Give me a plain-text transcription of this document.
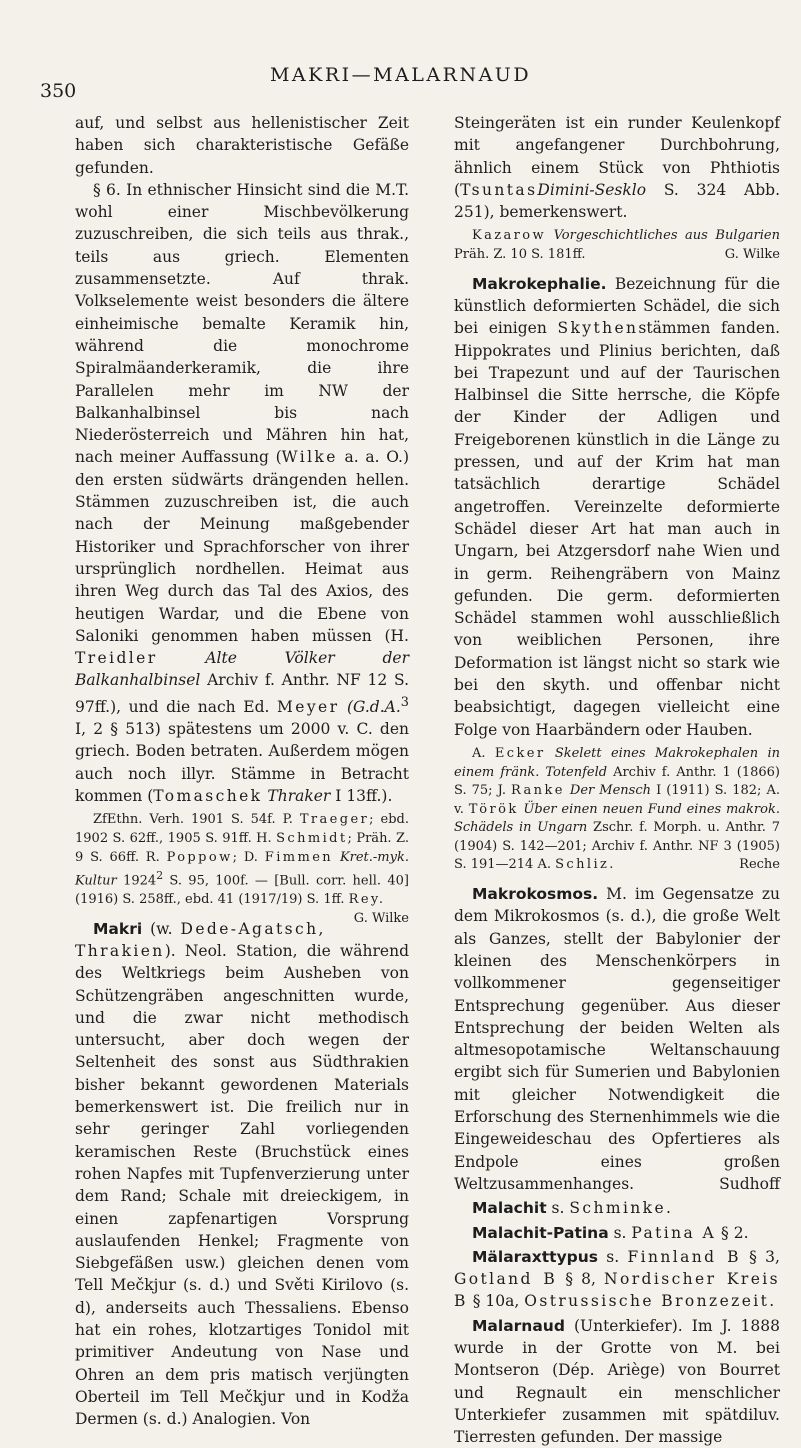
350
MAKRI—MALARNAUD

auf, und selbst aus hellenistischer Zeit haben sich charakteristische Gefäße gefunden.

§ 6. In ethnischer Hinsicht sind die M.T. wohl einer Mischbevölkerung zuzuschreiben, die sich teils aus thrak., teils aus griech. Elementen zusammensetzte. Auf thrak. Volkselemente weist besonders die ältere einheimische bemalte Keramik hin, während die monochrome Spiralmäanderkeramik, die ihre Parallelen mehr im NW der Balkanhalbinsel bis nach Niederösterreich und Mähren hin hat, nach meiner Auffassung (Wilke a. a. O.) den ersten südwärts drängenden hellen. Stämmen zuzuschreiben ist, die auch nach der Meinung maßgebender Historiker und Sprachforscher von ihrer ursprünglich nordhellen. Heimat aus ihren Weg durch das Tal des Axios, des heutigen Wardar, und die Ebene von Saloniki genommen haben müssen (H. Treidler	Alte Völker der Balkanhalbinsel Archiv f. Anthr. NF 12 S. 97ff.), und die nach Ed. Meyer (G.d.A.$^3$ I, 2 § 513) spätestens um 2000 v. C. den griech. Boden betraten. Außerdem mögen auch noch illyr. Stämme in Betracht kommen (Tomaschek Thraker I 13ff.).

ZfEthn. Verh. 1901 S. 54f. P. Traeger; ebd. 1902 S. 62ff., 1905 S. 91ff. H. Schmidt; Präh. Z. 9 S. 66ff. R. Poppow; D. Fimmen Kret.-myk. Kultur 1924$^2$ S. 95, 100f. — [Bull. corr. hell. 40] (1916) S. 258ff., ebd. 41 (1917/19) S. 1ff. Rey.
G. Wilke

Makri (w. Dede-Agatsch, Thrakien). Neol. Station, die während des Weltkriegs beim Ausheben von Schützengräben angeschnitten wurde, und die zwar nicht methodisch untersucht, aber doch wegen der Seltenheit des sonst aus Südthrakien bisher bekannt gewordenen Materials bemerkenswert ist. Die freilich nur in sehr geringer Zahl vorliegenden keramischen Reste (Bruchstück eines rohen Napfes mit Tupfenverzierung unter dem Rand; Schale mit dreieckigem, in einen zapfenartigen Vorsprung auslaufenden Henkel; Fragmente von Siebgefäßen usw.) gleichen denen vom Tell Mečkjur (s. d.) und Světi Kirilovo (s. d), anderseits auch Thessaliens. Ebenso hat ein rohes, klotzartiges Tonidol mit primitiver Andeutung von Nase und Ohren an dem pris matisch verjüngten Oberteil im Tell Mečkjur und in Kodža Dermen (s. d.) Analogien. Von

Steingeräten ist ein runder Keulenkopf mit angefangener Durchbohrung, ähnlich einem Stück von Phthiotis (TsuntasDimini-Sesklo S. 324 Abb. 251), bemerkenswert.

Kazarow Vorgeschichtliches aus Bulgarien Präh. Z. 10 S. 181ff.	G. Wilke

Makrokephalie. Bezeichnung für die künstlich deformierten Schädel, die sich bei einigen Skythenstämmen fanden. Hippokrates und Plinius berichten, daß bei Trapezunt und auf der Taurischen Halbinsel die Sitte herrsche, die Köpfe der Kinder der Adligen und Freigeborenen künstlich in die Länge zu pressen, und auf der Krim hat man tatsächlich derartige Schädel angetroffen. Vereinzelte deformierte Schädel dieser Art hat man auch in Ungarn, bei Atzgersdorf nahe Wien und in germ. Reihengräbern von Mainz gefunden. Die germ. deformierten Schädel stammen wohl ausschließlich von weiblichen Personen, ihre Deformation ist längst nicht so stark wie bei den skyth. und offenbar nicht beabsichtigt, dagegen vielleicht eine Folge von Haarbändern oder Hauben.

A. Ecker Skelett eines Makrokephalen in einem fränk. Totenfeld Archiv f. Anthr. 1 (1866) S. 75; J. Ranke Der Mensch I (1911) S. 182; A. v. Török Über einen neuen Fund eines makrok. Schädels in Ungarn Zschr. f. Morph. u. Anthr. 7 (1904) S. 142—201; Archiv f. Anthr. NF 3 (1905) S. 191—214 A. Schliz.	Reche

Makrokosmos. M. im Gegensatze zu dem Mikrokosmos (s. d.), die große Welt als Ganzes, stellt der Babylonier der kleinen des Menschenkörpers in vollkommener gegenseitiger Entsprechung gegenüber. Aus dieser Entsprechung der beiden Welten als altmesopotamische Weltanschauung ergibt sich für Sumerien und Babylonien mit gleicher Notwendigkeit die Erforschung des Sternenhimmels wie die Eingeweideschau des Opfertieres als Endpole eines großen Weltzusammenhanges.	Sudhoff

Malachit s. Schminke.

Malachit-Patina s. Patina A § 2.

Mälaraxttypus s. Finnland B § 3, Gotland B § 8, Nordischer Kreis B § 10a, Ostrussische Bronzezeit.

Malarnaud (Unterkiefer). Im J. 1888 wurde in der Grotte von M. bei Montseron (Dép. Ariège) von Bourret und Regnault ein menschlicher Unterkiefer zusammen mit spätdiluv. Tierresten gefunden. Der massige
